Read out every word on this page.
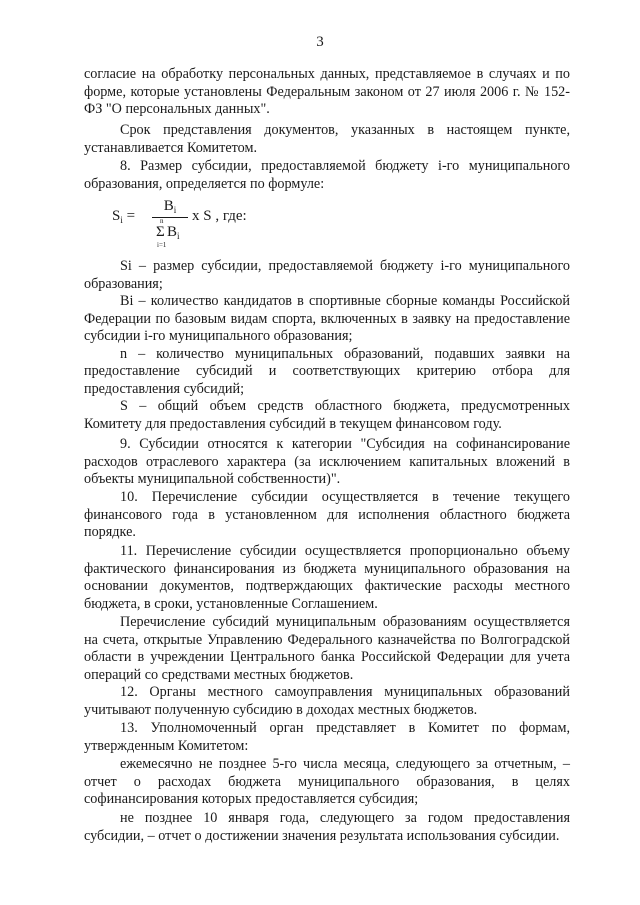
3

согласие на обработку персональных данных, представляемое в случаях и по форме, которые установлены Федеральным законом от 27 июля 2006 г. № 152-ФЗ "О персональных данных".

Срок представления документов, указанных в настоящем пункте, устанавливается Комитетом.

8. Размер субсидии, предоставляемой бюджету i-го муниципального образования, определяется по формуле:

$S_i = B_i$
n
Σ $B_i$
i=1 x S , где:

Si – размер субсидии, предоставляемой бюджету i-го муниципального образования;

Bi – количество кандидатов в спортивные сборные команды Российской Федерации по базовым видам спорта, включенных в заявку на предоставление субсидии i-го муниципального образования;

n – количество муниципальных образований, подавших заявки на предоставление субсидий и соответствующих критерию отбора для предоставления субсидий;

S – общий объем средств областного бюджета, предусмотренных Комитету для предоставления субсидий в текущем финансовом году.

9. Субсидии относятся к категории "Субсидия на софинансирование расходов отраслевого характера (за исключением капитальных вложений в объекты муниципальной собственности)".

10. Перечисление субсидии осуществляется в течение текущего финансового года в установленном для исполнения областного бюджета порядке.

11. Перечисление субсидии осуществляется пропорционально объему фактического финансирования из бюджета муниципального образования на основании документов, подтверждающих фактические расходы местного бюджета, в сроки, установленные Соглашением.

Перечисление субсидий муниципальным образованиям осуществляется на счета, открытые Управлению Федерального казначейства по Волгоградской области в учреждении Центрального банка Российской Федерации для учета операций со средствами местных бюджетов.

12. Органы местного самоуправления муниципальных образований учитывают полученную субсидию в доходах местных бюджетов.

13. Уполномоченный орган представляет в Комитет по формам, утвержденным Комитетом:

ежемесячно не позднее 5-го числа месяца, следующего за отчетным, – отчет о расходах бюджета муниципального образования, в целях софинансирования которых предоставляется субсидия;

не позднее 10 января года, следующего за годом предоставления субсидии, – отчет о достижении значения результата использования субсидии.
